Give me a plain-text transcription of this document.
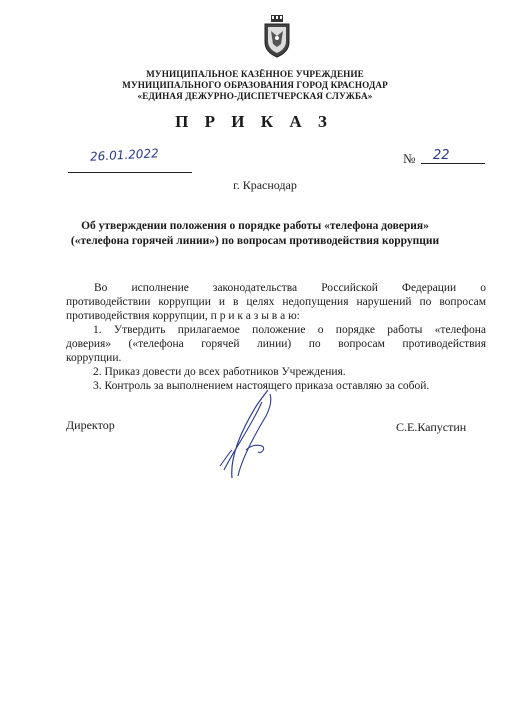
МУНИЦИПАЛЬНОЕ КАЗЁННОЕ УЧРЕЖДЕНИЕ
МУНИЦИПАЛЬНОГО ОБРАЗОВАНИЯ ГОРОД КРАСНОДАР
«ЕДИНАЯ ДЕЖУРНО-ДИСПЕТЧЕРСКАЯ СЛУЖБА»
П Р И К А З
26.01.2022	№ 22
г. Краснодар
Об утверждении положения о порядке работы «телефона доверия»
(«телефона горячей линии») по вопросам противодействия коррупции
Во исполнение законодательства Российской Федерации о
противодействии коррупции и в целях недопущения нарушений по вопросам
противодействия коррупции, п р и к а з ы в а ю:
1. Утвердить прилагаемое положение о порядке работы «телефона
доверия» («телефона горячей линии) по вопросам противодействия
коррупции.
2. Приказ довести до всех работников Учреждения.
3. Контроль за выполнением настоящего приказа оставляю за собой.
Директор	С.Е.Капустин
